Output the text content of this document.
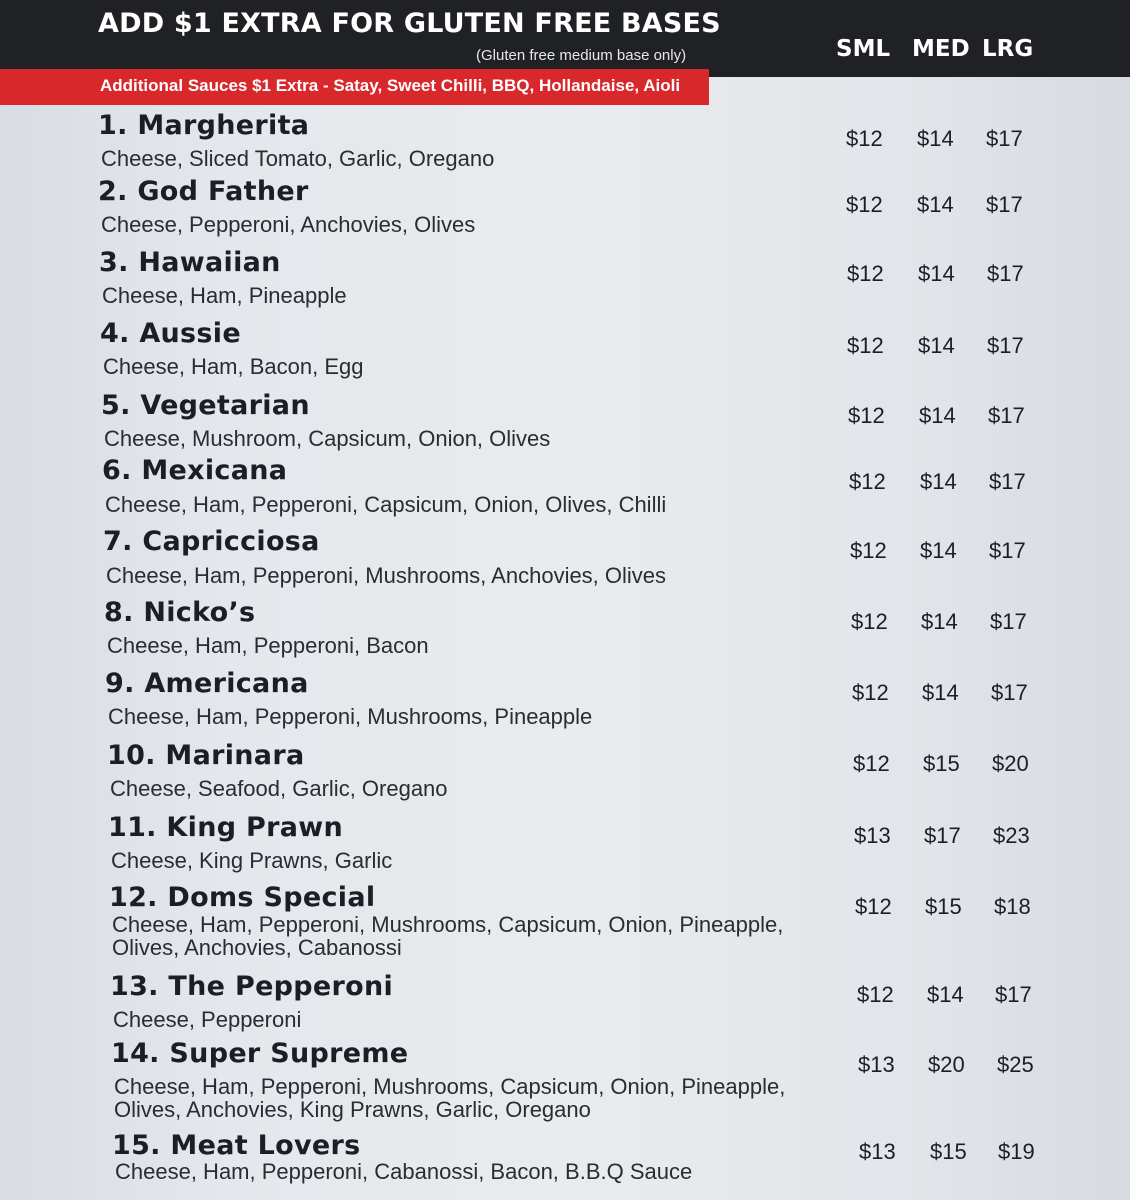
ADD $1 EXTRA FOR GLUTEN FREE BASES
(Gluten free medium base only)	SML MED LRG
Additional Sauces $1 Extra - Satay, Sweet Chilli, BBQ, Hollandaise, Aioli
1. Margherita
Cheese, Sliced Tomato, Garlic, Oregano
$12 $14 $17
2. God Father
Cheese, Pepperoni, Anchovies, Olives
$12 $14 $17
3. Hawaiian
Cheese, Ham, Pineapple
$12 $14 $17
4. Aussie
Cheese, Ham, Bacon, Egg
$12 $14 $17
5. Vegetarian
Cheese, Mushroom, Capsicum, Onion, Olives
$12 $14 $17
6. Mexicana
Cheese, Ham, Pepperoni, Capsicum, Onion, Olives, Chilli
$12 $14 $17
7. Capricciosa
Cheese, Ham, Pepperoni, Mushrooms, Anchovies, Olives
$12 $14 $17
8. Nicko’s
Cheese, Ham, Pepperoni, Bacon
$12 $14 $17
9. Americana
Cheese, Ham, Pepperoni, Mushrooms, Pineapple
$12 $14 $17
10. Marinara
Cheese, Seafood, Garlic, Oregano
$12 $15 $20
11. King Prawn
Cheese, King Prawns, Garlic
$13 $17 $23
12. Doms Special
Cheese, Ham, Pepperoni, Mushrooms, Capsicum, Onion, Pineapple,
Olives, Anchovies, Cabanossi
$12 $15 $18
13. The Pepperoni
Cheese, Pepperoni
$12 $14 $17
14. Super Supreme
Cheese, Ham, Pepperoni, Mushrooms, Capsicum, Onion, Pineapple,
Olives, Anchovies, King Prawns, Garlic, Oregano
$13 $20 $25
15. Meat Lovers
Cheese, Ham, Pepperoni, Cabanossi, Bacon, B.B.Q Sauce
$13 $15 $19
